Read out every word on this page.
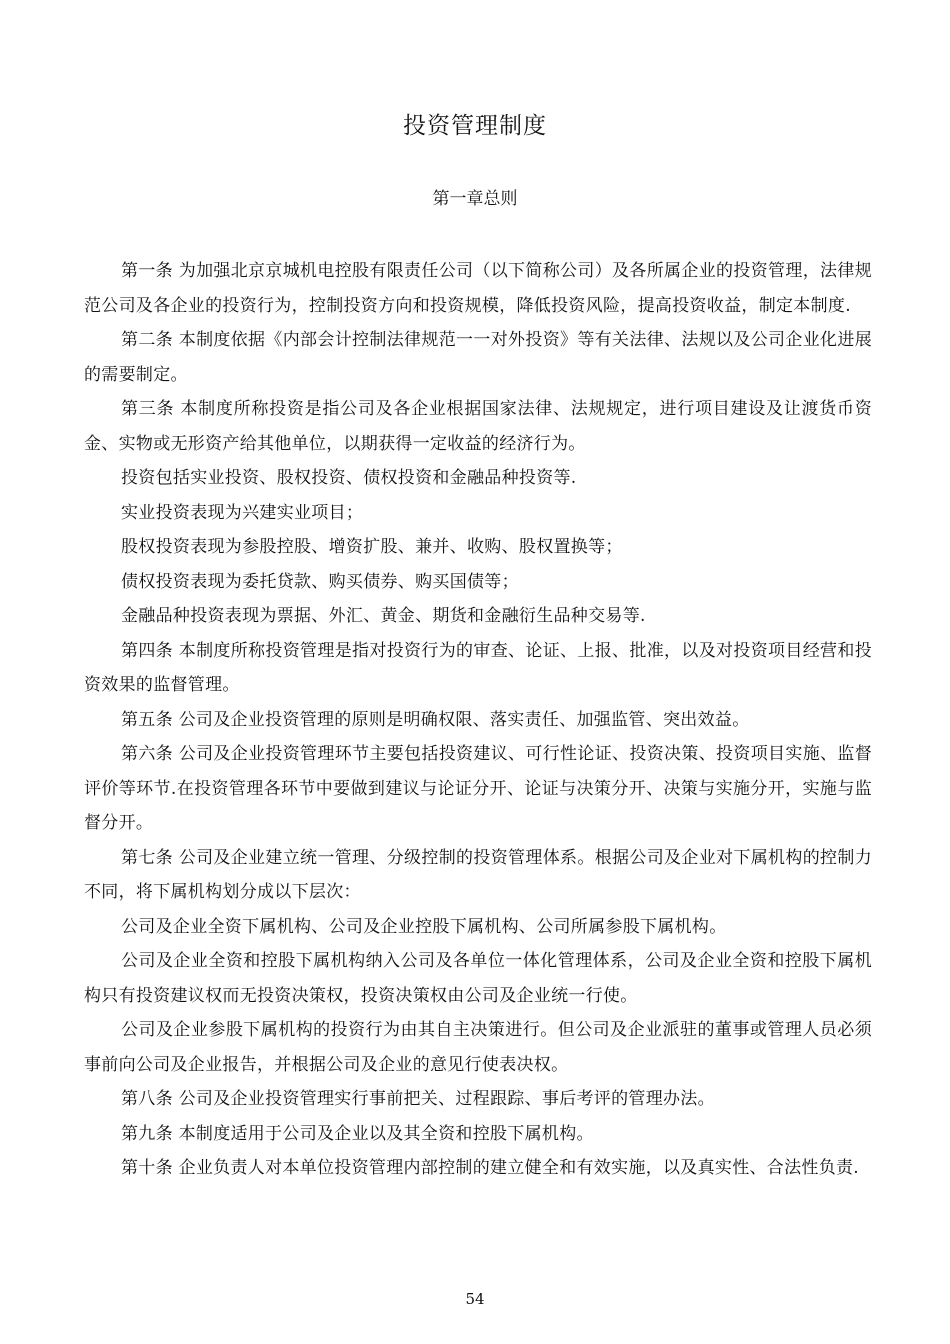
投资管理制度
第一章总则

第一条 为加强北京京城机电控股有限责任公司（以下简称公司）及各所属企业的投资管理，法律规范公司及各企业的投资行为，控制投资方向和投资规模，降低投资风险，提高投资收益，制定本制度.

第二条 本制度依据《内部会计控制法律规范一一对外投资》等有关法律、法规以及公司企业化进展的需要制定。

第三条 本制度所称投资是指公司及各企业根据国家法律、法规规定，进行项目建设及让渡货币资金、实物或无形资产给其他单位，以期获得一定收益的经济行为。

投资包括实业投资、股权投资、债权投资和金融品种投资等.

实业投资表现为兴建实业项目；

股权投资表现为参股控股、增资扩股、兼并、收购、股权置换等；

债权投资表现为委托贷款、购买债券、购买国债等；

金融品种投资表现为票据、外汇、黄金、期货和金融衍生品种交易等.

第四条 本制度所称投资管理是指对投资行为的审查、论证、上报、批准，以及对投资项目经营和投资效果的监督管理。

第五条 公司及企业投资管理的原则是明确权限、落实责任、加强监管、突出效益。

第六条 公司及企业投资管理环节主要包括投资建议、可行性论证、投资决策、投资项目实施、监督评价等环节.在投资管理各环节中要做到建议与论证分开、论证与决策分开、决策与实施分开，实施与监督分开。

第七条 公司及企业建立统一管理、分级控制的投资管理体系。根据公司及企业对下属机构的控制力不同，将下属机构划分成以下层次：

公司及企业全资下属机构、公司及企业控股下属机构、公司所属参股下属机构。

公司及企业全资和控股下属机构纳入公司及各单位一体化管理体系，公司及企业全资和控股下属机构只有投资建议权而无投资决策权，投资决策权由公司及企业统一行使。

公司及企业参股下属机构的投资行为由其自主决策进行。但公司及企业派驻的董事或管理人员必须事前向公司及企业报告，并根据公司及企业的意见行使表决权。

第八条 公司及企业投资管理实行事前把关、过程跟踪、事后考评的管理办法。

第九条 本制度适用于公司及企业以及其全资和控股下属机构。

第十条 企业负责人对本单位投资管理内部控制的建立健全和有效实施，以及真实性、合法性负责.

54
